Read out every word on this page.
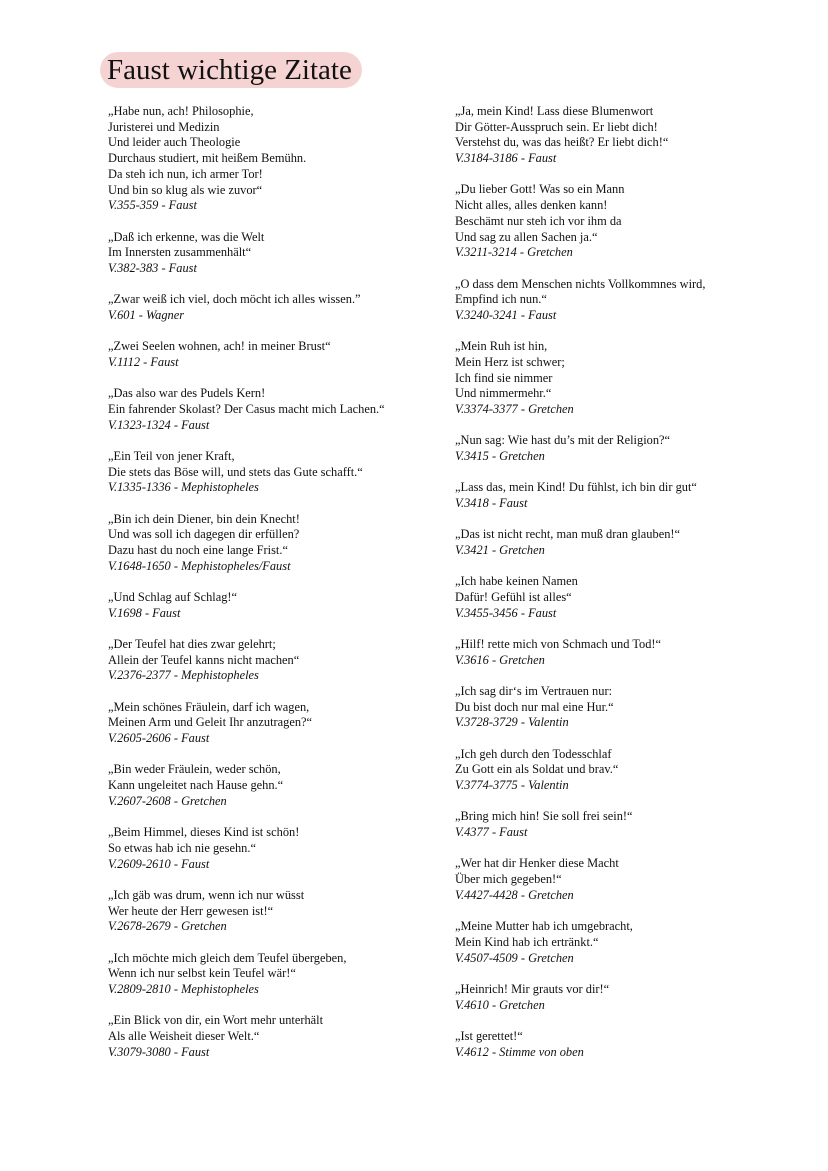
Faust wichtige Zitate
„Habe nun, ach! Philosophie,
Juristerei und Medizin
Und leider auch Theologie
Durchaus studiert, mit heißem Bemühn.
Da steh ich nun, ich armer Tor!
Und bin so klug als wie zuvor“
V.355-359 - Faust
„Daß ich erkenne, was die Welt
Im Innersten zusammenhält“
V.382-383 - Faust
„Zwar weiß ich viel, doch möcht ich alles wissen.”
V.601 - Wagner
„Zwei Seelen wohnen, ach! in meiner Brust“
V.1112 - Faust
„Das also war des Pudels Kern!
Ein fahrender Skolast? Der Casus macht mich Lachen.“
V.1323-1324 - Faust
„Ein Teil von jener Kraft,
Die stets das Böse will, und stets das Gute schafft.“
V.1335-1336 - Mephistopheles
„Bin ich dein Diener, bin dein Knecht!
Und was soll ich dagegen dir erfüllen?
Dazu hast du noch eine lange Frist.“
V.1648-1650 - Mephistopheles/Faust
„Und Schlag auf Schlag!“
V.1698 - Faust
„Der Teufel hat dies zwar gelehrt;
Allein der Teufel kanns nicht machen“
V.2376-2377 - Mephistopheles
„Mein schönes Fräulein, darf ich wagen,
Meinen Arm und Geleit Ihr anzutragen?“
V.2605-2606 - Faust
„Bin weder Fräulein, weder schön,
Kann ungeleitet nach Hause gehn.“
V.2607-2608 - Gretchen
„Beim Himmel, dieses Kind ist schön!
So etwas hab ich nie gesehn.“
V.2609-2610 - Faust
„Ich gäb was drum, wenn ich nur wüsst
Wer heute der Herr gewesen ist!“
V.2678-2679 - Gretchen
„Ich möchte mich gleich dem Teufel übergeben,
Wenn ich nur selbst kein Teufel wär!“
V.2809-2810 - Mephistopheles
„Ein Blick von dir, ein Wort mehr unterhält
Als alle Weisheit dieser Welt.“
V.3079-3080 - Faust
„Ja, mein Kind! Lass diese Blumenwort
Dir Götter-Ausspruch sein. Er liebt dich!
Verstehst du, was das heißt? Er liebt dich!“
V.3184-3186 - Faust
„Du lieber Gott! Was so ein Mann
Nicht alles, alles denken kann!
Beschämt nur steh ich vor ihm da
Und sag zu allen Sachen ja.“
V.3211-3214 - Gretchen
„O dass dem Menschen nichts Vollkommnes wird,
Empfind ich nun.“
V.3240-3241 - Faust
„Mein Ruh ist hin,
Mein Herz ist schwer;
Ich find sie nimmer
Und nimmermehr.“
V.3374-3377 - Gretchen
„Nun sag: Wie hast du’s mit der Religion?“
V.3415 - Gretchen
„Lass das, mein Kind! Du fühlst, ich bin dir gut“
V.3418 - Faust
„Das ist nicht recht, man muß dran glauben!“
V.3421 - Gretchen
„Ich habe keinen Namen
Dafür! Gefühl ist alles“
V.3455-3456 - Faust
„Hilf! rette mich von Schmach und Tod!“
V.3616 - Gretchen
„Ich sag dir‘s im Vertrauen nur:
Du bist doch nur mal eine Hur.“
V.3728-3729 - Valentin
„Ich geh durch den Todesschlaf
Zu Gott ein als Soldat und brav.“
V.3774-3775 - Valentin
„Bring mich hin! Sie soll frei sein!“
V.4377 - Faust
„Wer hat dir Henker diese Macht
Über mich gegeben!“
V.4427-4428 - Gretchen
„Meine Mutter hab ich umgebracht,
Mein Kind hab ich ertränkt.“
V.4507-4509 - Gretchen
„Heinrich! Mir grauts vor dir!“
V.4610 - Gretchen
„Ist gerettet!“
V.4612 - Stimme von oben
